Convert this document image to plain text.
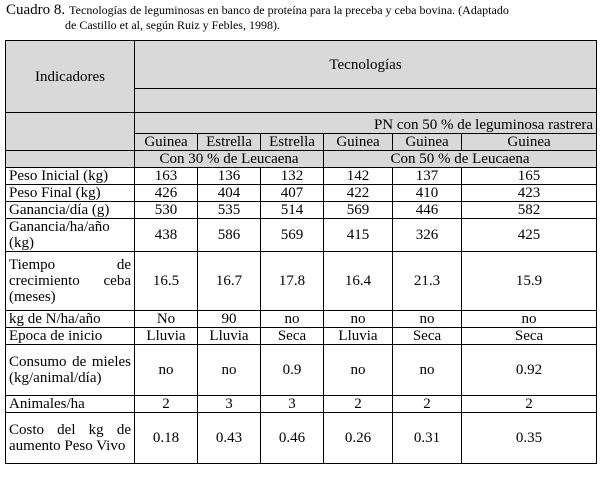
Cuadro 8. Tecnologías de leguminosas en banco de proteína para la preceba y ceba bovina. (Adaptado
de Castillo et al, según Ruiz y Febles, 1998).
Indicadores	Tecnologías					

	PN con 50 % de leguminosa rastrera					
	Guinea	Estrella	Estrella	Guinea	Guinea	Guinea
	Con 30 % de Leucaena			Con 50 % de Leucaena		
Peso Inicial (kg)	163	136	132	142	137	165
Peso Final (kg)	426	404	407	422	410	423
Ganancia/día (g)	530	535	514	569	446	582
Ganancia/ha/año (kg)	438	586	569	415	326	425
Tiempo de crecimiento ceba (meses)	16.5	16.7	17.8	16.4	21.3	15.9
kg de N/ha/año	No	90	no	no	no	no
Epoca de inicio	Lluvia	Lluvia	Seca	Lluvia	Seca	Seca
Consumo de mieles (kg/animal/día)	no	no	0.9	no	no	0.92
Animales/ha	2	3	3	2	2	2
Costo del kg de aumento Peso Vivo	0.18	0.43	0.46	0.26	0.31	0.35
